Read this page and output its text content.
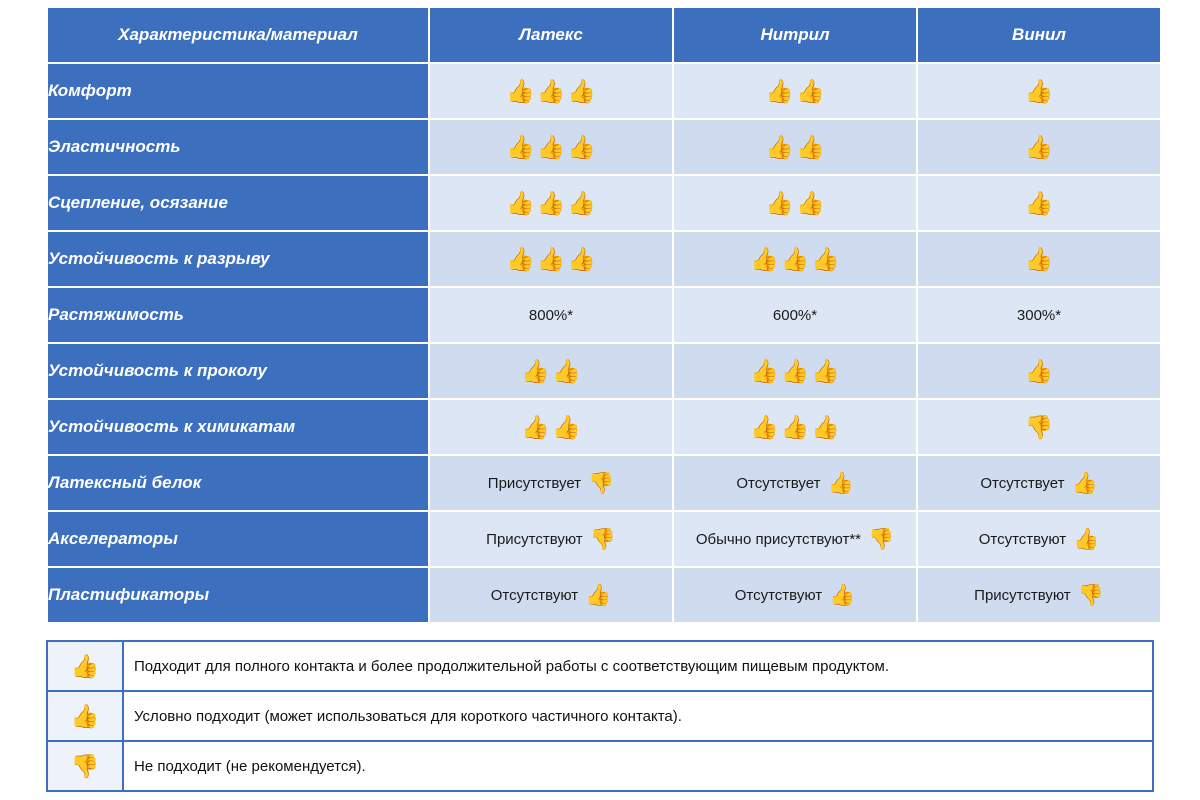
Характеристика/материал	Латекс	Нитрил	Винил
Комфорт	👍 👍 👍	👍 👍	👍

Эластичность	👍 👍 👍	👍 👍	👍

Сцепление, осязание	👍 👍 👍	👍 👍	👍

Устойчивость к разрыву	👍 👍 👍	👍 👍 👍	👍

Растяжимость	800%*	600%*	300%*

Устойчивость к проколу	👍 👍	👍 👍 👍	👍

Устойчивость к химикатам	👍 👍	👍 👍 👍	👎

Латексный белок	Присутствует 👎	Отсутствует 👍	Отсутствует 👍

Акселераторы	Присутствуют 👎	Обычно присутствуют** 👎	Отсутствуют 👍

Пластификаторы	Отсутствуют 👍	Отсутствуют 👍	Присутствуют 👎
👍	Подходит для полного контакта и более продолжительной работы с соответствующим пищевым продуктом.
👍	Условно подходит (может использоваться для короткого частичного контакта).
👎	Не подходит (не рекомендуется).
